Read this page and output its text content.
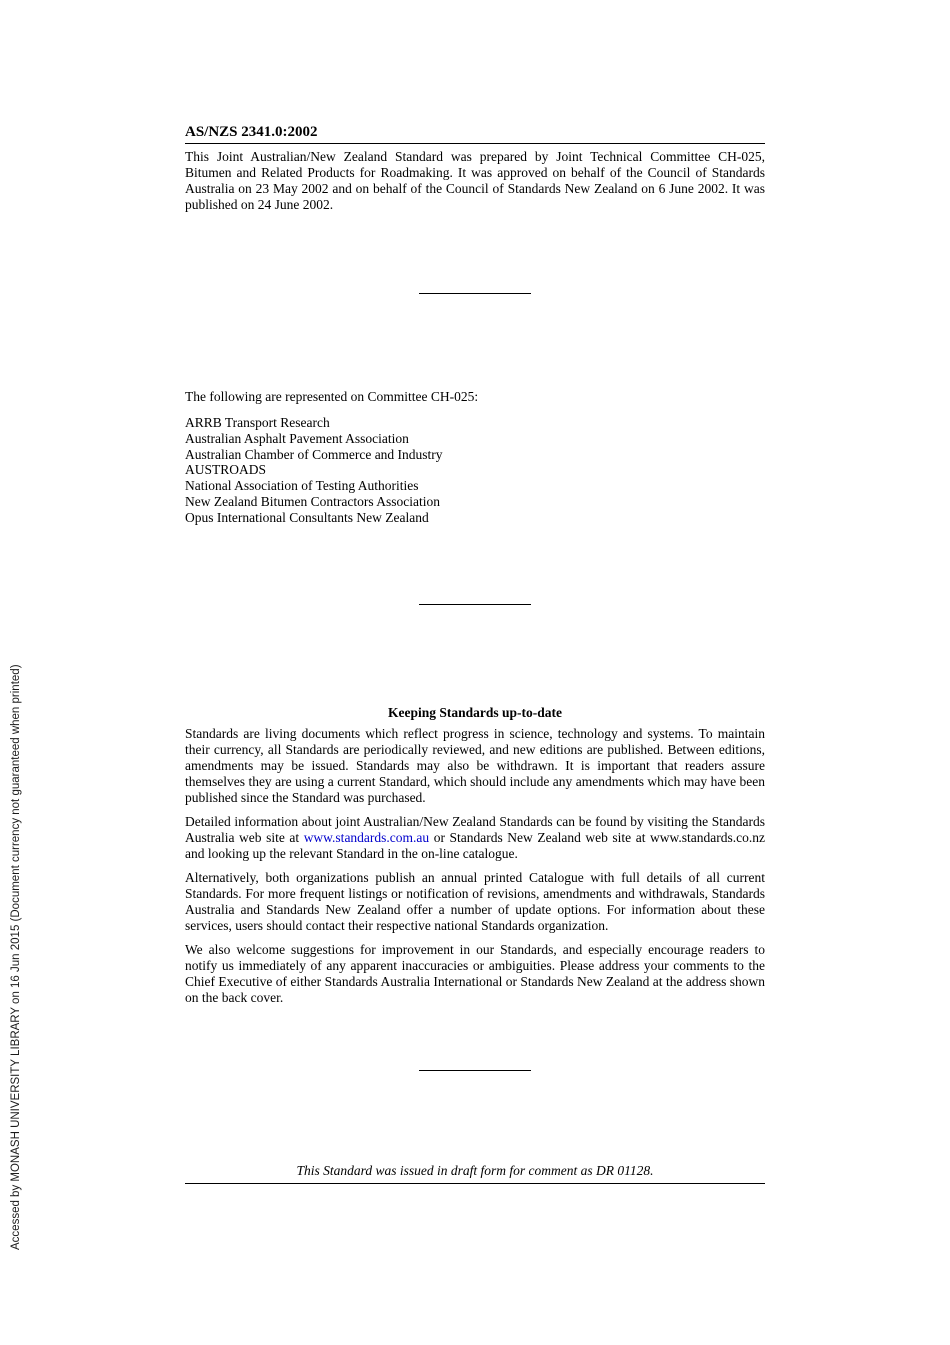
Accessed by MONASH UNIVERSITY LIBRARY on 16 Jun 2015 (Document currency not guaranteed when printed)
AS/NZS 2341.0:2002

This Joint Australian/New Zealand Standard was prepared by Joint Technical Committee CH-025, Bitumen and Related Products for Roadmaking. It was approved on behalf of the Council of Standards Australia on 23 May 2002 and on behalf of the Council of Standards New Zealand on 6 June 2002. It was published on 24 June 2002.

The following are represented on Committee CH-025:

ARRB Transport Research
Australian Asphalt Pavement Association
Australian Chamber of Commerce and Industry
AUSTROADS
National Association of Testing Authorities
New Zealand Bitumen Contractors Association
Opus International Consultants New Zealand
Keeping Standards up-to-date

Standards are living documents which reflect progress in science, technology and systems. To maintain their currency, all Standards are periodically reviewed, and new editions are published. Between editions, amendments may be issued. Standards may also be withdrawn. It is important that readers assure themselves they are using a current Standard, which should include any amendments which may have been published since the Standard was purchased.

Detailed information about joint Australian/New Zealand Standards can be found by visiting the Standards Australia web site at www.standards.com.au or Standards New Zealand web site at www.standards.co.nz and looking up the relevant Standard in the on-line catalogue.

Alternatively, both organizations publish an annual printed Catalogue with full details of all current Standards. For more frequent listings or notification of revisions, amendments and withdrawals, Standards Australia and Standards New Zealand offer a number of update options. For information about these services, users should contact their respective national Standards organization.

We also welcome suggestions for improvement in our Standards, and especially encourage readers to notify us immediately of any apparent inaccuracies or ambiguities. Please address your comments to the Chief Executive of either Standards Australia International or Standards New Zealand at the address shown on the back cover.

This Standard was issued in draft form for comment as DR 01128.
